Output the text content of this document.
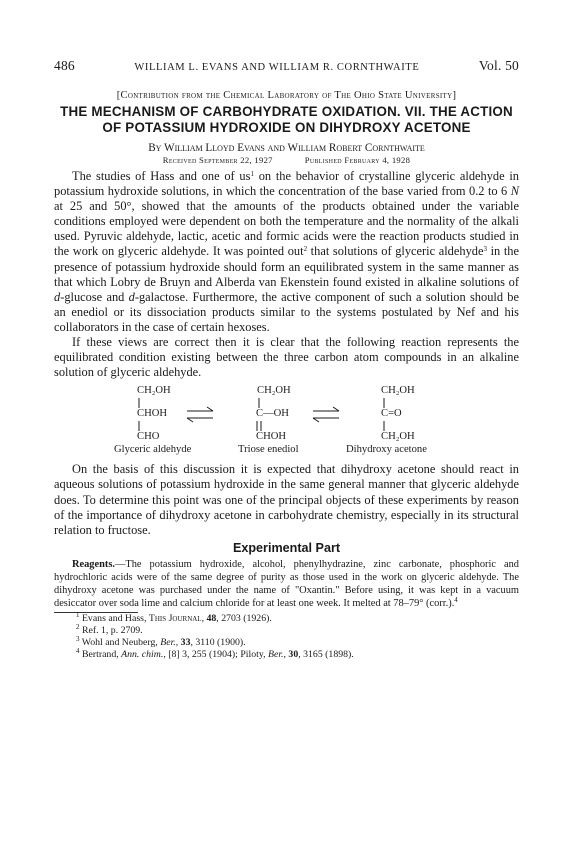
486	WILLIAM L. EVANS AND WILLIAM R. CORNTHWAITE	Vol. 50
[Contribution from the Chemical Laboratory of The Ohio State University]
THE MECHANISM OF CARBOHYDRATE OXIDATION. VII. THE ACTION OF POTASSIUM HYDROXIDE ON DIHYDROXY ACETONE
By William Lloyd Evans and William Robert Cornthwaite
Received September 22, 1927	Published February 4, 1928

The studies of Hass and one of $us^1$ on the behavior of crystalline glyceric aldehyde in potassium hydroxide solutions, in which the concentration of the base varied from 0.2 to 6 N at 25 and 50°, showed that the amounts of the products obtained under the variable conditions employed were dependent on both the temperature and the normality of the alkali used. Pyruvic aldehyde, lactic, acetic and formic acids were the reaction products studied in the work on glyceric aldehyde. It was pointed out$^2$ that solutions of glyceric aldehyde$^3$ in the presence of potassium hydroxide should form an equilibrated system in the same manner as that which Lobry de Bruyn and Alberda van Ekenstein found existed in alkaline solutions of d-glucose and d-galactose. Furthermore, the active component of such a solution should be an enediol or its dissociation products similar to the systems postulated by Nef and his collaborators in the case of certain hexoses.

If these views are correct then it is clear that the following reaction represents the equilibrated condition existing between the three carbon atom compounds in an alkaline solution of glyceric aldehyde.

CH₂OH
CHOH
CHO
Glyceric aldehyde
CH₂OH
C—OH
CHOH
Triose enediol
CH₂OH
C=O
CH₂OH
Dihydroxy acetone

On the basis of this discussion it is expected that dihydroxy acetone should react in aqueous solutions of potassium hydroxide in the same general manner that glyceric aldehyde does. To determine this point was one of the principal objects of these experiments by reason of the importance of dihydroxy acetone in carbohydrate chemistry, especially in its structural relation to fructose.

Experimental Part

Reagents.—The potassium hydroxide, alcohol, phenylhydrazine, zinc carbonate, phosphoric and hydrochloric acids were of the same degree of purity as those used in the work on glyceric aldehyde. The dihydroxy acetone was purchased under the name of "Oxantin." Before using, it was kept in a vacuum desiccator over soda lime and calcium chloride for at least one week. It melted at 78–79° (corr.).$^4$

$^1$ Evans and Hass, This Journal, 48, 2703 (1926).
$^2$ Ref. 1, p. 2709.
$^3$ Wohl and Neuberg, Ber., 33, 3110 (1900).
$^4$ Bertrand, Ann. chim., [8] 3, 255 (1904); Piloty, Ber., 30, 3165 (1898).
